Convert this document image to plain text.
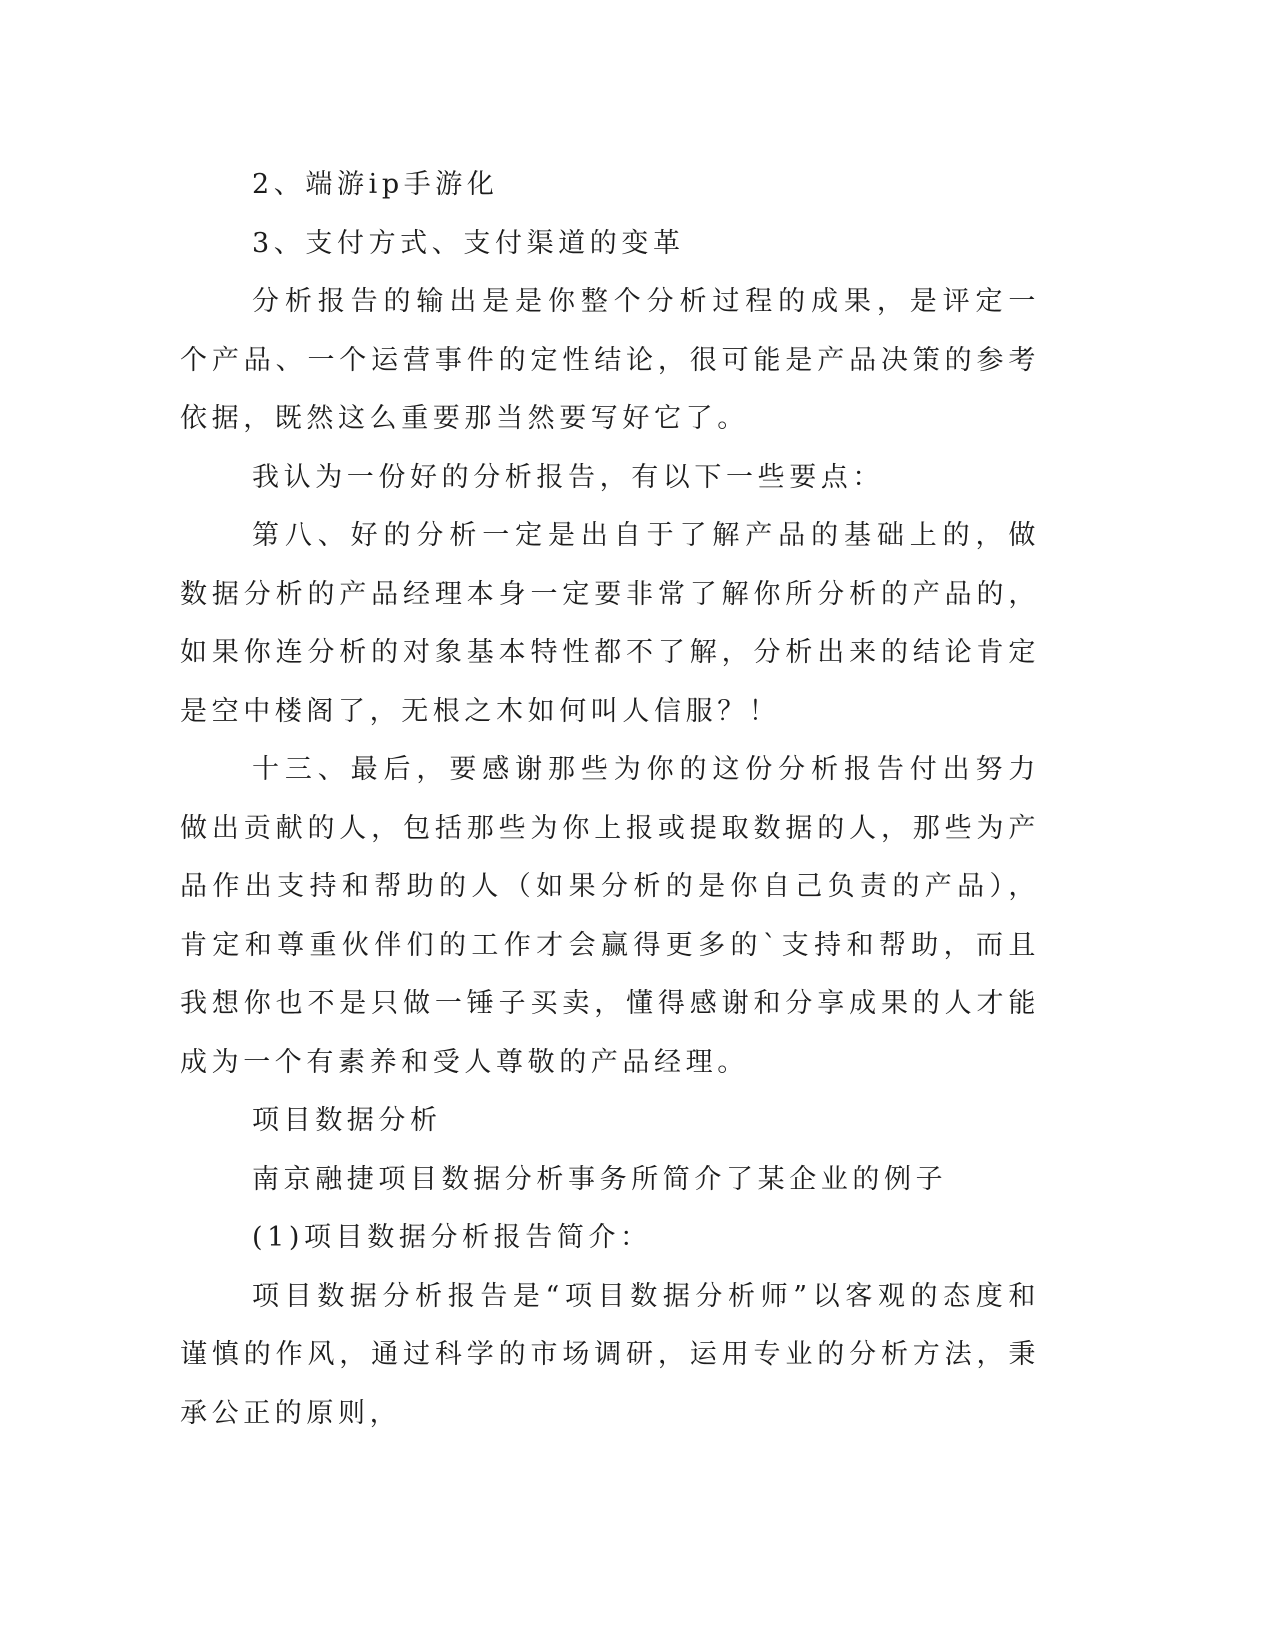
2、端游ip手游化

3、支付方式、支付渠道的变革

分析报告的输出是是你整个分析过程的成果，是评定一个产品、一个运营事件的定性结论，很可能是产品决策的参考依据，既然这么重要那当然要写好它了。

我认为一份好的分析报告，有以下一些要点：

第八、好的分析一定是出自于了解产品的基础上的，做数据分析的产品经理本身一定要非常了解你所分析的产品的，如果你连分析的对象基本特性都不了解，分析出来的结论肯定是空中楼阁了，无根之木如何叫人信服？！

十三、最后，要感谢那些为你的这份分析报告付出努力做出贡献的人，包括那些为你上报或提取数据的人，那些为产品作出支持和帮助的人（如果分析的是你自己负责的产品），肯定和尊重伙伴们的工作才会赢得更多的`支持和帮助，而且我想你也不是只做一锤子买卖，懂得感谢和分享成果的人才能成为一个有素养和受人尊敬的产品经理。

项目数据分析

南京融捷项目数据分析事务所简介了某企业的例子

(1)项目数据分析报告简介：

项目数据分析报告是“项目数据分析师”以客观的态度和谨慎的作风，通过科学的市场调研，运用专业的分析方法，秉承公正的原则，
